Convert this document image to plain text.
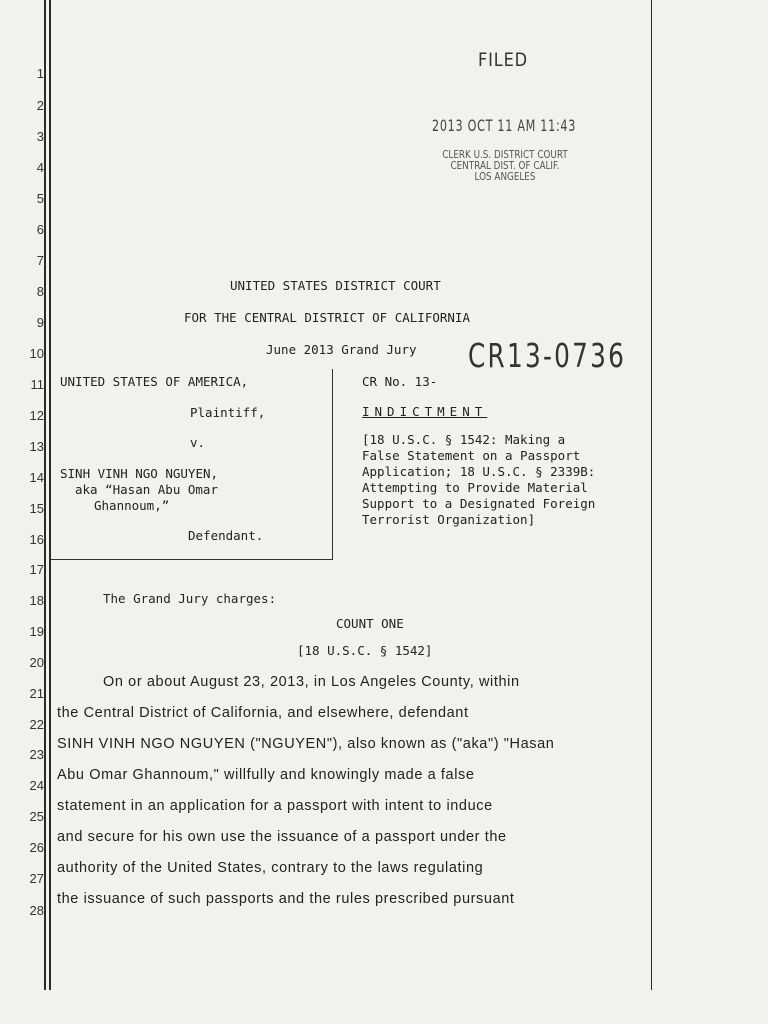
1
2
3
4
5
6
7
8
9
10
11
12
13
14
15
16
17
18
19
20
21
22
23
24
25
26
27
28
FILED
2013 OCT 11 AM 11:43
CLERK U.S. DISTRICT COURT
CENTRAL DIST. OF CALIF.
LOS ANGELES
UNITED STATES DISTRICT COURT
FOR THE CENTRAL DISTRICT OF CALIFORNIA
June 2013 Grand Jury CR13-0736
UNITED STATES OF AMERICA,
Plaintiff,
v.
SINH VINH NGO NGUYEN,
aka “Hasan Abu Omar
Ghannoum,”
Defendant.
CR No. 13-
INDICTMENT
[18 U.S.C. § 1542: Making a
False Statement on a Passport
Application; 18 U.S.C. § 2339B:
Attempting to Provide Material
Support to a Designated Foreign
Terrorist Organization]
The Grand Jury charges:
COUNT ONE
[18 U.S.C. § 1542]
On or about August 23, 2013, in Los Angeles County, within
the Central District of California, and elsewhere, defendant
SINH VINH NGO NGUYEN ("NGUYEN"), also known as ("aka") "Hasan
Abu Omar Ghannoum," willfully and knowingly made a false
statement in an application for a passport with intent to induce
and secure for his own use the issuance of a passport under the
authority of the United States, contrary to the laws regulating
the issuance of such passports and the rules prescribed pursuant
